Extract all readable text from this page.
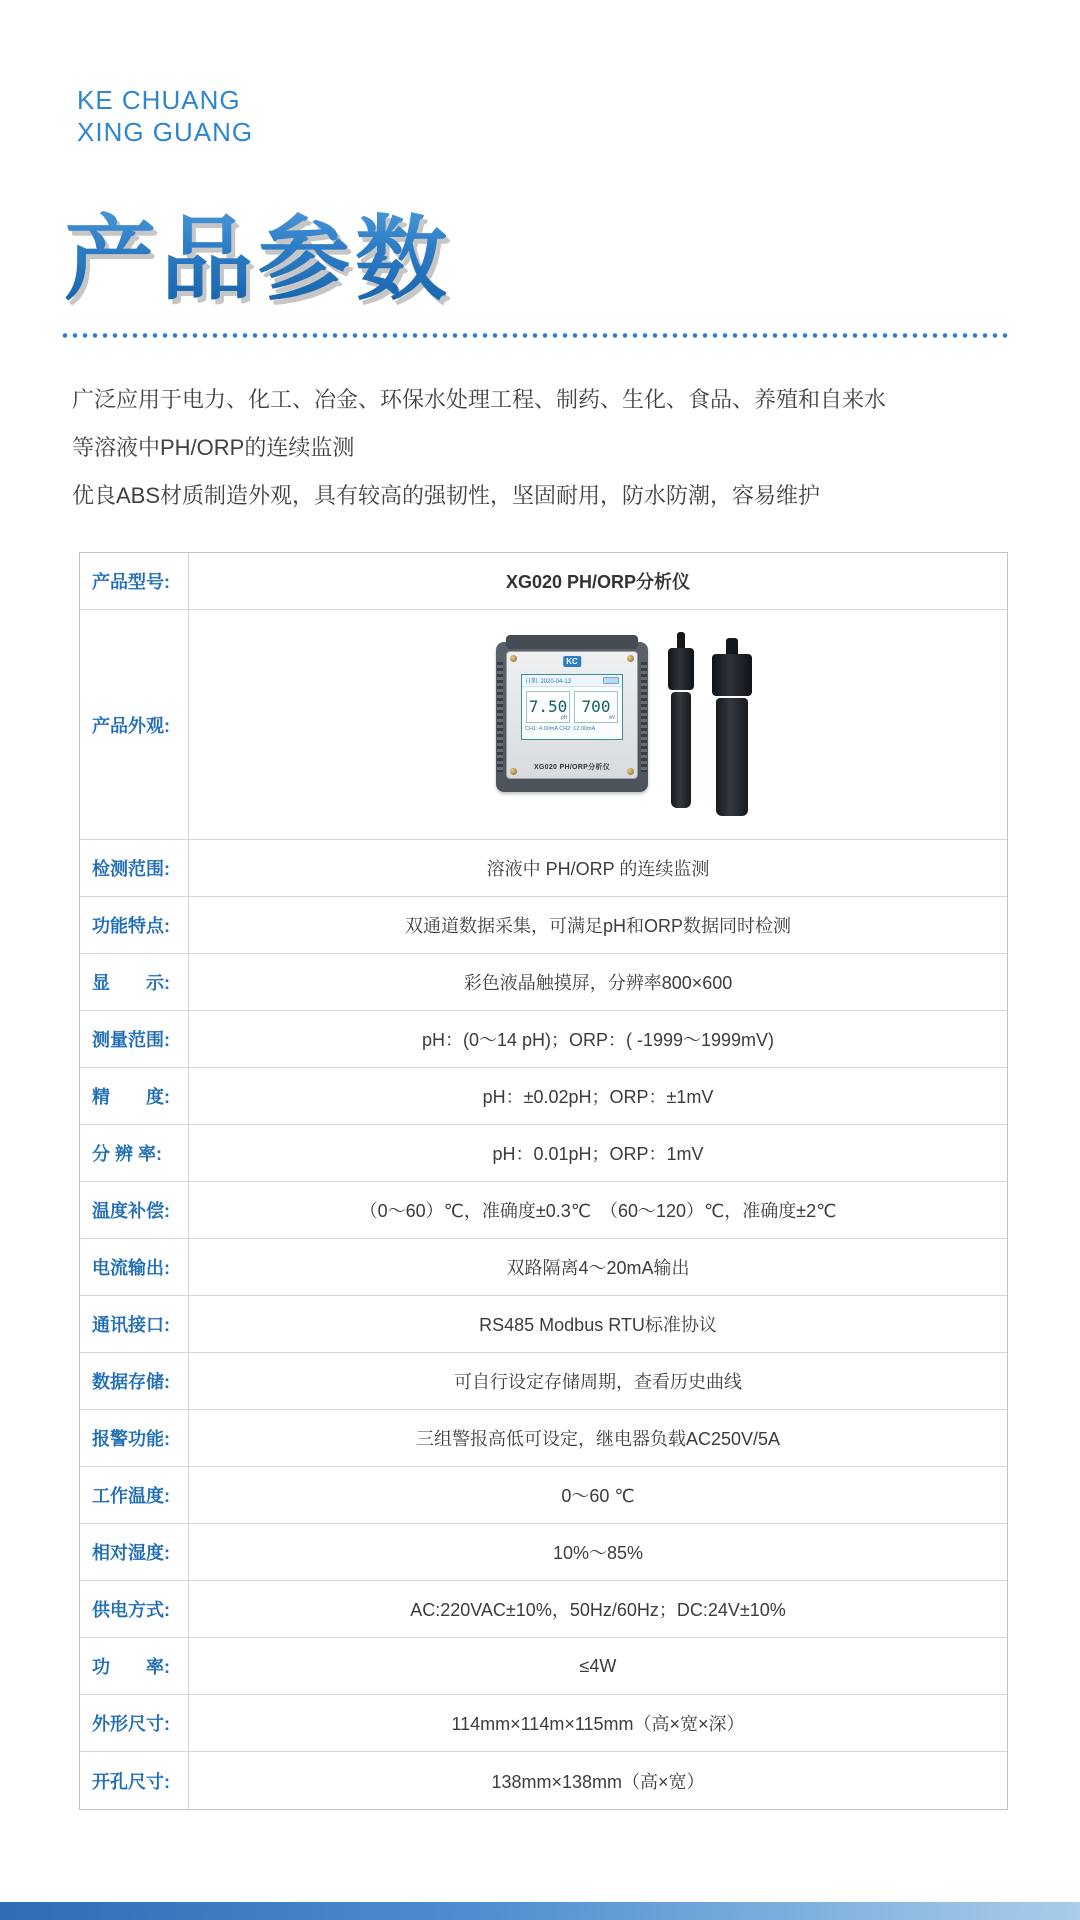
KE CHUANG
XING GUANG
产品参数
广泛应用于电力、化工、冶金、环保水处理工程、制药、生化、食品、养殖和自来水
等溶液中PH/ORP的连续监测
优良ABS材质制造外观，具有较高的强韧性，坚固耐用，防水防潮，容易维护
产品型号:	XG020 PH/ORP分析仪
产品外观:
KC
日期: 2020-04-13
7.50
pH
700
mV
CH1: 4.00mA CH2: 12.00mA
XG020 PH/ORP分析仪
检测范围:	溶液中 PH/ORP 的连续监测
功能特点:	双通道数据采集，可满足pH和ORP数据同时检测
显　　示:	彩色液晶触摸屏，分辨率800×600
测量范围:	pH：(0～14 pH)；ORP：( -1999～1999mV)
精　　度:	pH：±0.02pH；ORP：±1mV
分 辨 率:	pH：0.01pH；ORP：1mV
温度补偿:	（0～60）℃，准确度±0.3℃　（60～120）℃，准确度±2℃
电流输出:	双路隔离4～20mA输出
通讯接口:	RS485 Modbus RTU标准协议
数据存储:	可自行设定存储周期，查看历史曲线
报警功能:	三组警报高低可设定，继电器负载AC250V/5A
工作温度:	0～60 ℃
相对湿度:	10%～85%
供电方式:	AC:220VAC±10%，50Hz/60Hz；DC:24V±10%
功　　率:	≤4W
外形尺寸:	114mm×114m×115mm（高×宽×深）
开孔尺寸:	138mm×138mm（高×宽）
